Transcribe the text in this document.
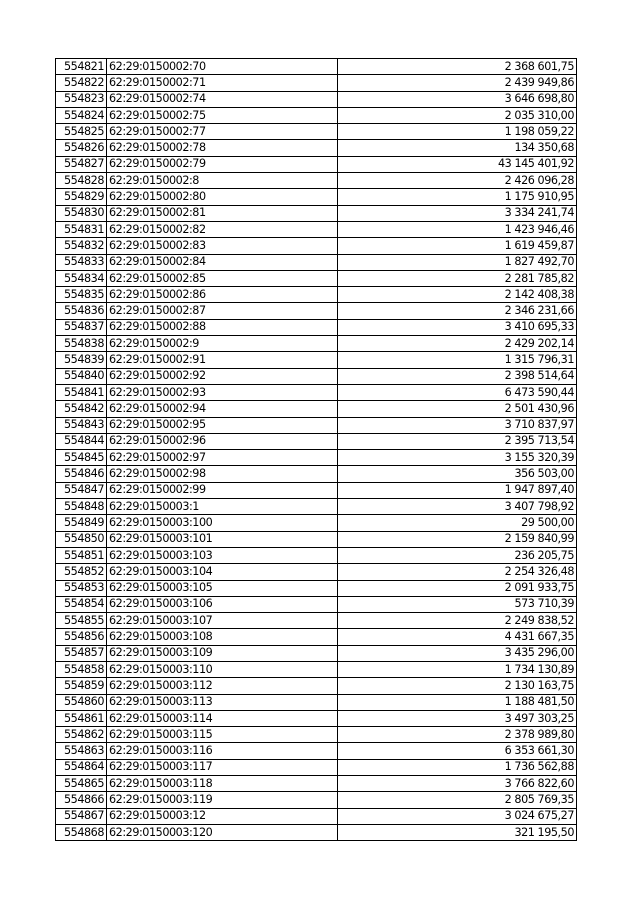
554821	62:29:0150002:70	2 368 601,75
554822	62:29:0150002:71	2 439 949,86
554823	62:29:0150002:74	3 646 698,80
554824	62:29:0150002:75	2 035 310,00
554825	62:29:0150002:77	1 198 059,22
554826	62:29:0150002:78	134 350,68
554827	62:29:0150002:79	43 145 401,92
554828	62:29:0150002:8	2 426 096,28
554829	62:29:0150002:80	1 175 910,95
554830	62:29:0150002:81	3 334 241,74
554831	62:29:0150002:82	1 423 946,46
554832	62:29:0150002:83	1 619 459,87
554833	62:29:0150002:84	1 827 492,70
554834	62:29:0150002:85	2 281 785,82
554835	62:29:0150002:86	2 142 408,38
554836	62:29:0150002:87	2 346 231,66
554837	62:29:0150002:88	3 410 695,33
554838	62:29:0150002:9	2 429 202,14
554839	62:29:0150002:91	1 315 796,31
554840	62:29:0150002:92	2 398 514,64
554841	62:29:0150002:93	6 473 590,44
554842	62:29:0150002:94	2 501 430,96
554843	62:29:0150002:95	3 710 837,97
554844	62:29:0150002:96	2 395 713,54
554845	62:29:0150002:97	3 155 320,39
554846	62:29:0150002:98	356 503,00
554847	62:29:0150002:99	1 947 897,40
554848	62:29:0150003:1	3 407 798,92
554849	62:29:0150003:100	29 500,00
554850	62:29:0150003:101	2 159 840,99
554851	62:29:0150003:103	236 205,75
554852	62:29:0150003:104	2 254 326,48
554853	62:29:0150003:105	2 091 933,75
554854	62:29:0150003:106	573 710,39
554855	62:29:0150003:107	2 249 838,52
554856	62:29:0150003:108	4 431 667,35
554857	62:29:0150003:109	3 435 296,00
554858	62:29:0150003:110	1 734 130,89
554859	62:29:0150003:112	2 130 163,75
554860	62:29:0150003:113	1 188 481,50
554861	62:29:0150003:114	3 497 303,25
554862	62:29:0150003:115	2 378 989,80
554863	62:29:0150003:116	6 353 661,30
554864	62:29:0150003:117	1 736 562,88
554865	62:29:0150003:118	3 766 822,60
554866	62:29:0150003:119	2 805 769,35
554867	62:29:0150003:12	3 024 675,27
554868	62:29:0150003:120	321 195,50
